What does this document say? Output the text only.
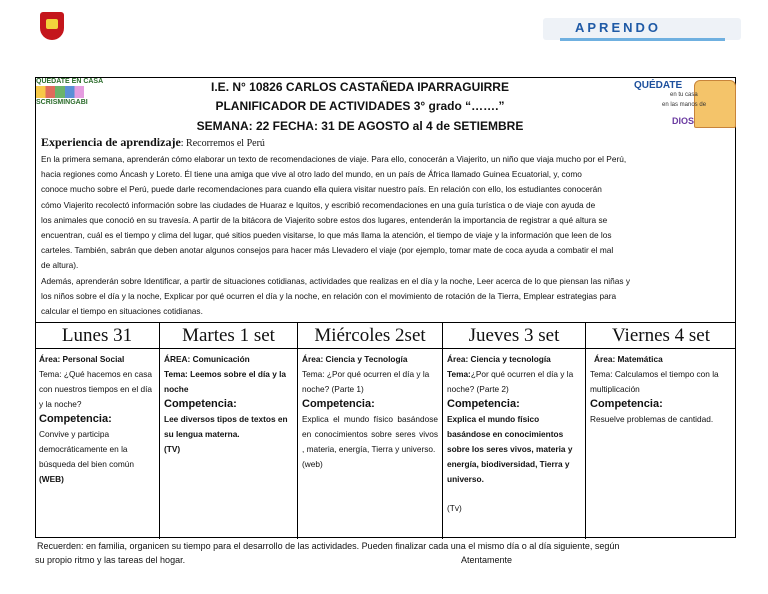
APRENDO
QUEDATE EN CASA
SCRISMINGABI
QUÉDATE
en tu casa
en las manos de
DIOS
I.E. N° 10826 CARLOS CASTAÑEDA IPARRAGUIRRE
PLANIFICADOR DE ACTIVIDADES 3° grado “…….”
SEMANA: 22 FECHA: 31 DE AGOSTO al 4 de SETIEMBRE
Experiencia de aprendizaje: Recorremos el Perú
En la primera semana, aprenderán cómo elaborar un texto de recomendaciones de viaje. Para ello, conocerán a Viajerito, un niño que viaja mucho por el Perú,
hacia regiones como Áncash y Loreto. Él tiene una amiga que vive al otro lado del mundo, en un país de África llamado Guinea Ecuatorial, y, como
conoce mucho sobre el Perú, puede darle recomendaciones para cuando ella quiera visitar nuestro país. En relación con ello, los estudiantes conocerán
cómo Viajerito recolectó información sobre las ciudades de Huaraz e Iquitos, y escribió recomendaciones en una guía turística o de viaje con ayuda de
los animales que conoció en su travesía. A partir de la bitácora de Viajerito sobre estos dos lugares, entenderán la importancia de registrar a qué altura se
encuentran, cuál es el tiempo y clima del lugar, qué sitios pueden visitarse, lo que más llama la atención, el tiempo de viaje y la información que leen de los
carteles. También, sabrán que deben anotar algunos consejos para hacer más Llevadero el viaje (por ejemplo, tomar mate de coca ayuda a combatir el mal
de altura).
Además, aprenderán sobre Identificar, a partir de situaciones cotidianas, actividades que realizas en el día y la noche, Leer acerca de lo que piensan las niñas y
los niños sobre el día y la noche, Explicar por qué ocurren el día y la noche, en relación con el movimiento de rotación de la Tierra, Emplear estrategias para
calcular el tiempo en situaciones cotidianas.
Lunes 31
Área: Personal Social
Tema: ¿Qué hacemos en casa con nuestros tiempos en el día y la noche?
Competencia:
Convive y participa democráticamente en la búsqueda del bien común
(WEB)
Martes 1 set
ÁREA: Comunicación
Tema: Leemos sobre el día y la noche
Competencia:
Lee diversos tipos de textos en su lengua materna.
(TV)
Miércoles 2set
Área: Ciencia y Tecnología
Tema: ¿Por qué ocurren el día y la noche? (Parte 1)
Competencia:
Explica el mundo físico basándose en conocimientos sobre seres vivos , materia, energía, Tierra y universo.
(web)
Jueves 3 set
Área: Ciencia y tecnología
Tema:¿Por qué ocurren el día y la noche? (Parte 2)
Competencia:
Explica el mundo físico basándose en conocimientos sobre los seres vivos, materia y energía, biodiversidad, Tierra y universo.
(Tv)
Viernes 4 set
Área: Matemática
Tema: Calculamos el tiempo con la multiplicación
Competencia:
Resuelve problemas de cantidad.
Recuerden: en familia, organicen su tiempo para el desarrollo de las actividades. Pueden finalizar cada una el mismo día o al día siguiente, según
su propio ritmo y las tareas del hogar.	Atentamente
